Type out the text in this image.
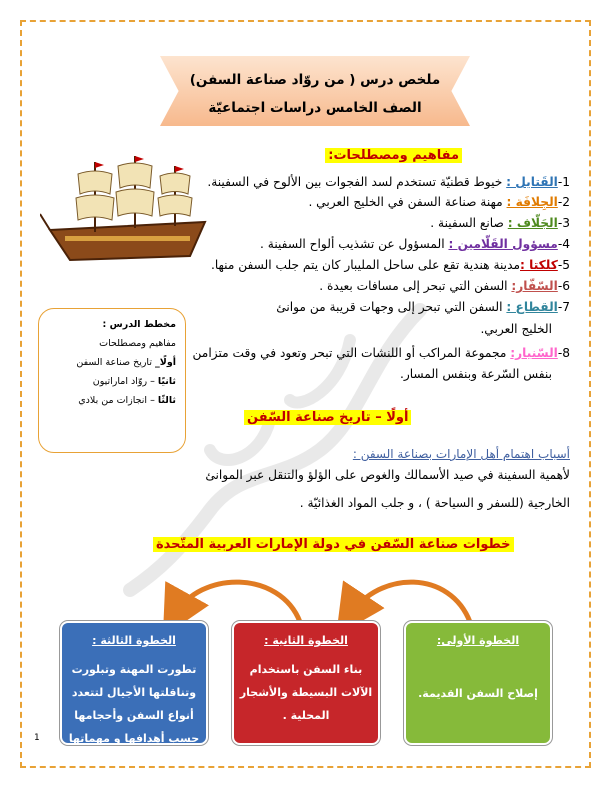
ملخص درس ( من روّاد صناعة السفن)
الصف الخامس دراسات اجتماعيّة
مفاهيم ومصطلحات:
1-القَتايل : خيوط قطنيّة تستخدم لسد الفجوات بين الألوح في السفينة.
2-الجِلافَة : مهنة صناعة السفن في الخليج العربي .
3-الجَلّاف : صانع السفينة .
4-مسؤول القَلّامين : المسؤول عن تشذيب ألواح السفينة .
5-كلكتا :مدينة هندية تقع على ساحل المليبار كان يتم جلب السفن منها.
6-السّفّار: السفن التي تبحر إلى مسافات بعيدة .
7-القطاع : السفن التي تبحر إلى وجهات قريبة من موانئ
الخليج العربي.
8-السّنيار: مجموعة المراكب أو اللنشات التي تبحر وتعود في وقت متزامن
بنفس السّرعة وبنفس المسار.
مخطط الدرس :
مفاهيم ومصطلحات
أولًا_ تاريخ صناعة السفن
ثانيًا – روّاد اماراتيون
ثالثًا – انجازات من بلادي
أولًا – تاريخ صناعة السّفن
أسباب اهتمام أهل الإمارات بصناعة السفن :
لأهمية السفينة في صيد الأسمالك والغوص على الؤلؤ والتنقل عبر الموانئ
الخارجية (للسفر و السياحة ) ، و جلب المواد الغذائيّة .
خطوات صناعة السّفن في دولة الإمارات العربية المتّحدة
الخطوة الثالثة :
تطورت المهنة وتبلورت
وتناقلتها الأجيال لتتعدد
أنواع السفن وأحجامها
حسب أهدافها و مهماتها
الخطوة الثانية :
بناء السفن باستخدام
الآلات البسيطة والأشجار
المحلية .
الخطوة الأولى:
إصلاح السفن القديمة.
1
